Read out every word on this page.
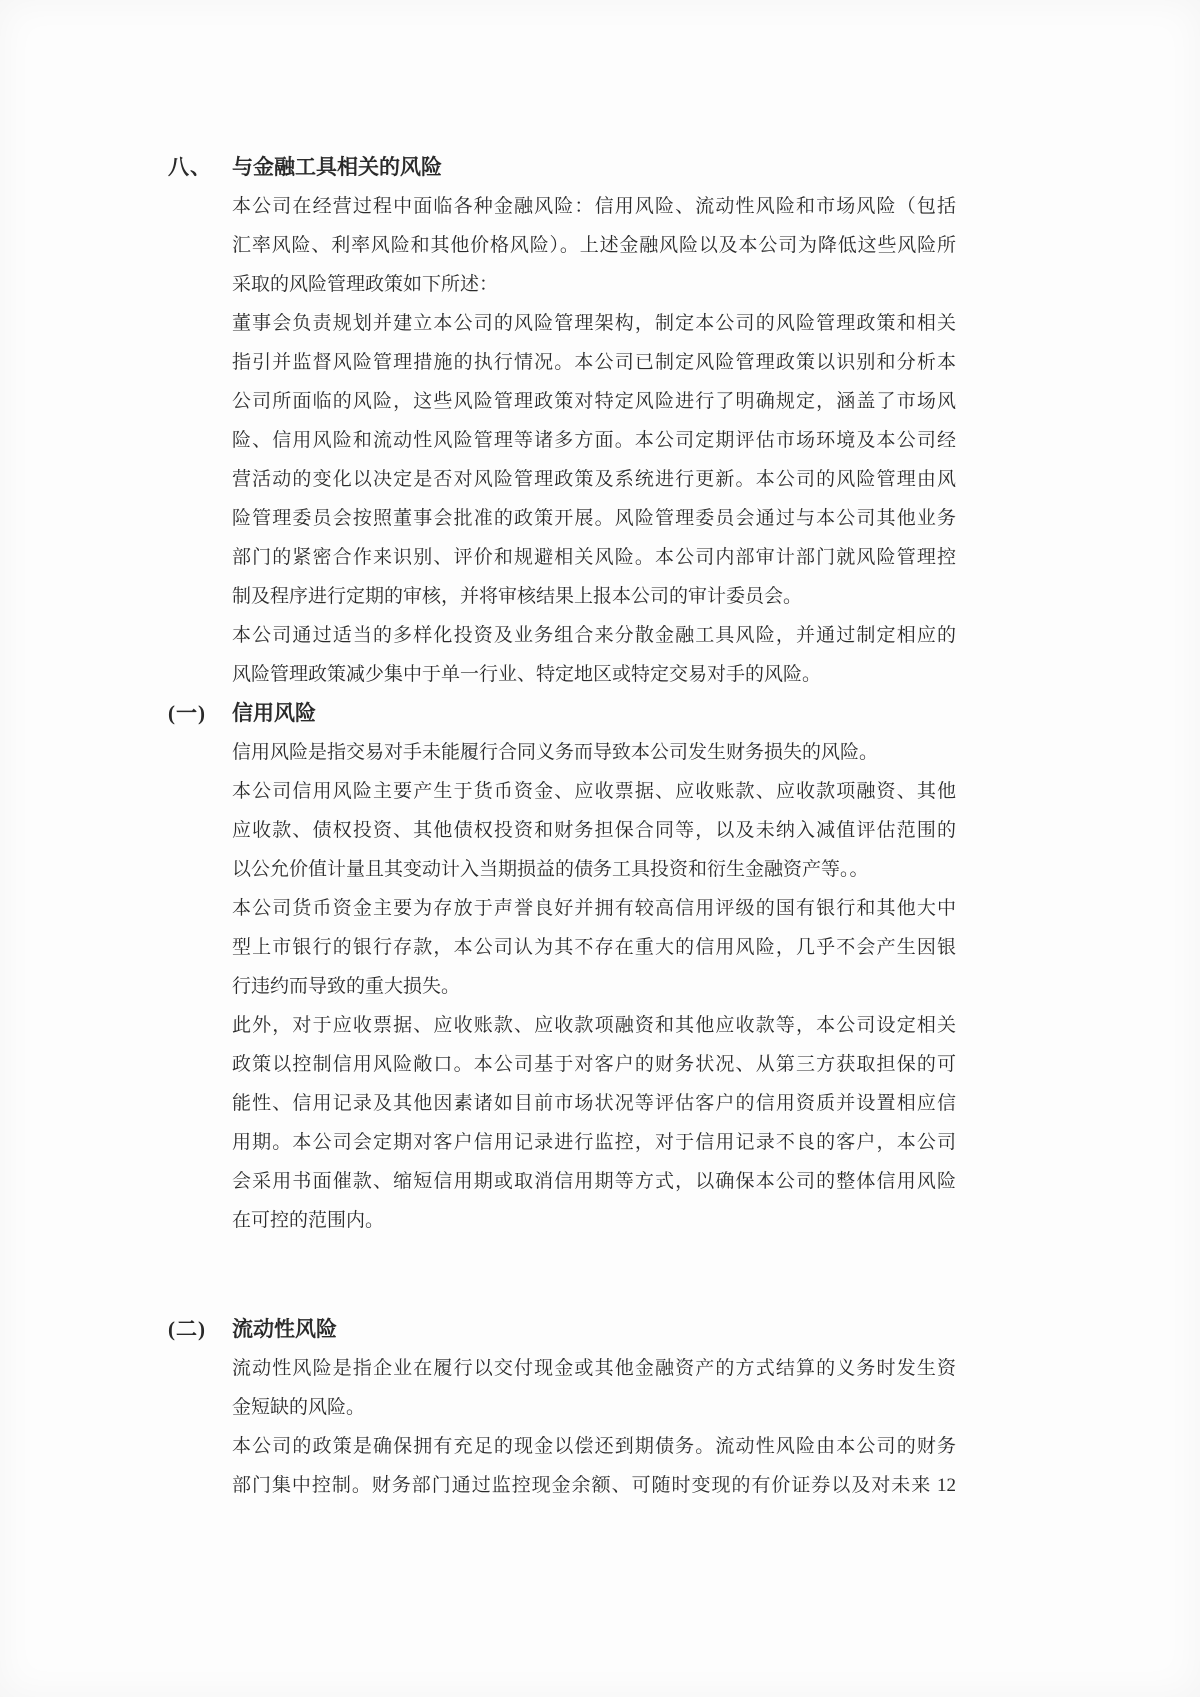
八、 与金融工具相关的风险
本公司在经营过程中面临各种金融风险：信用风险、流动性风险和市场风险（包括
汇率风险、利率风险和其他价格风险）。上述金融风险以及本公司为降低这些风险所
采取的风险管理政策如下所述：
董事会负责规划并建立本公司的风险管理架构，制定本公司的风险管理政策和相关
指引并监督风险管理措施的执行情况。本公司已制定风险管理政策以识别和分析本
公司所面临的风险，这些风险管理政策对特定风险进行了明确规定，涵盖了市场风
险、信用风险和流动性风险管理等诸多方面。本公司定期评估市场环境及本公司经
营活动的变化以决定是否对风险管理政策及系统进行更新。本公司的风险管理由风
险管理委员会按照董事会批准的政策开展。风险管理委员会通过与本公司其他业务
部门的紧密合作来识别、评价和规避相关风险。本公司内部审计部门就风险管理控
制及程序进行定期的审核，并将审核结果上报本公司的审计委员会。
本公司通过适当的多样化投资及业务组合来分散金融工具风险，并通过制定相应的
风险管理政策减少集中于单一行业、特定地区或特定交易对手的风险。
(一)	信用风险
信用风险是指交易对手未能履行合同义务而导致本公司发生财务损失的风险。
本公司信用风险主要产生于货币资金、应收票据、应收账款、应收款项融资、其他
应收款、债权投资、其他债权投资和财务担保合同等，以及未纳入减值评估范围的
以公允价值计量且其变动计入当期损益的债务工具投资和衍生金融资产等。。
本公司货币资金主要为存放于声誉良好并拥有较高信用评级的国有银行和其他大中
型上市银行的银行存款，本公司认为其不存在重大的信用风险，几乎不会产生因银
行违约而导致的重大损失。
此外，对于应收票据、应收账款、应收款项融资和其他应收款等，本公司设定相关
政策以控制信用风险敞口。本公司基于对客户的财务状况、从第三方获取担保的可
能性、信用记录及其他因素诸如目前市场状况等评估客户的信用资质并设置相应信
用期。本公司会定期对客户信用记录进行监控，对于信用记录不良的客户，本公司
会采用书面催款、缩短信用期或取消信用期等方式，以确保本公司的整体信用风险
在可控的范围内。
(二)	流动性风险
流动性风险是指企业在履行以交付现金或其他金融资产的方式结算的义务时发生资
金短缺的风险。
本公司的政策是确保拥有充足的现金以偿还到期债务。流动性风险由本公司的财务
部门集中控制。财务部门通过监控现金余额、可随时变现的有价证券以及对未来 12
